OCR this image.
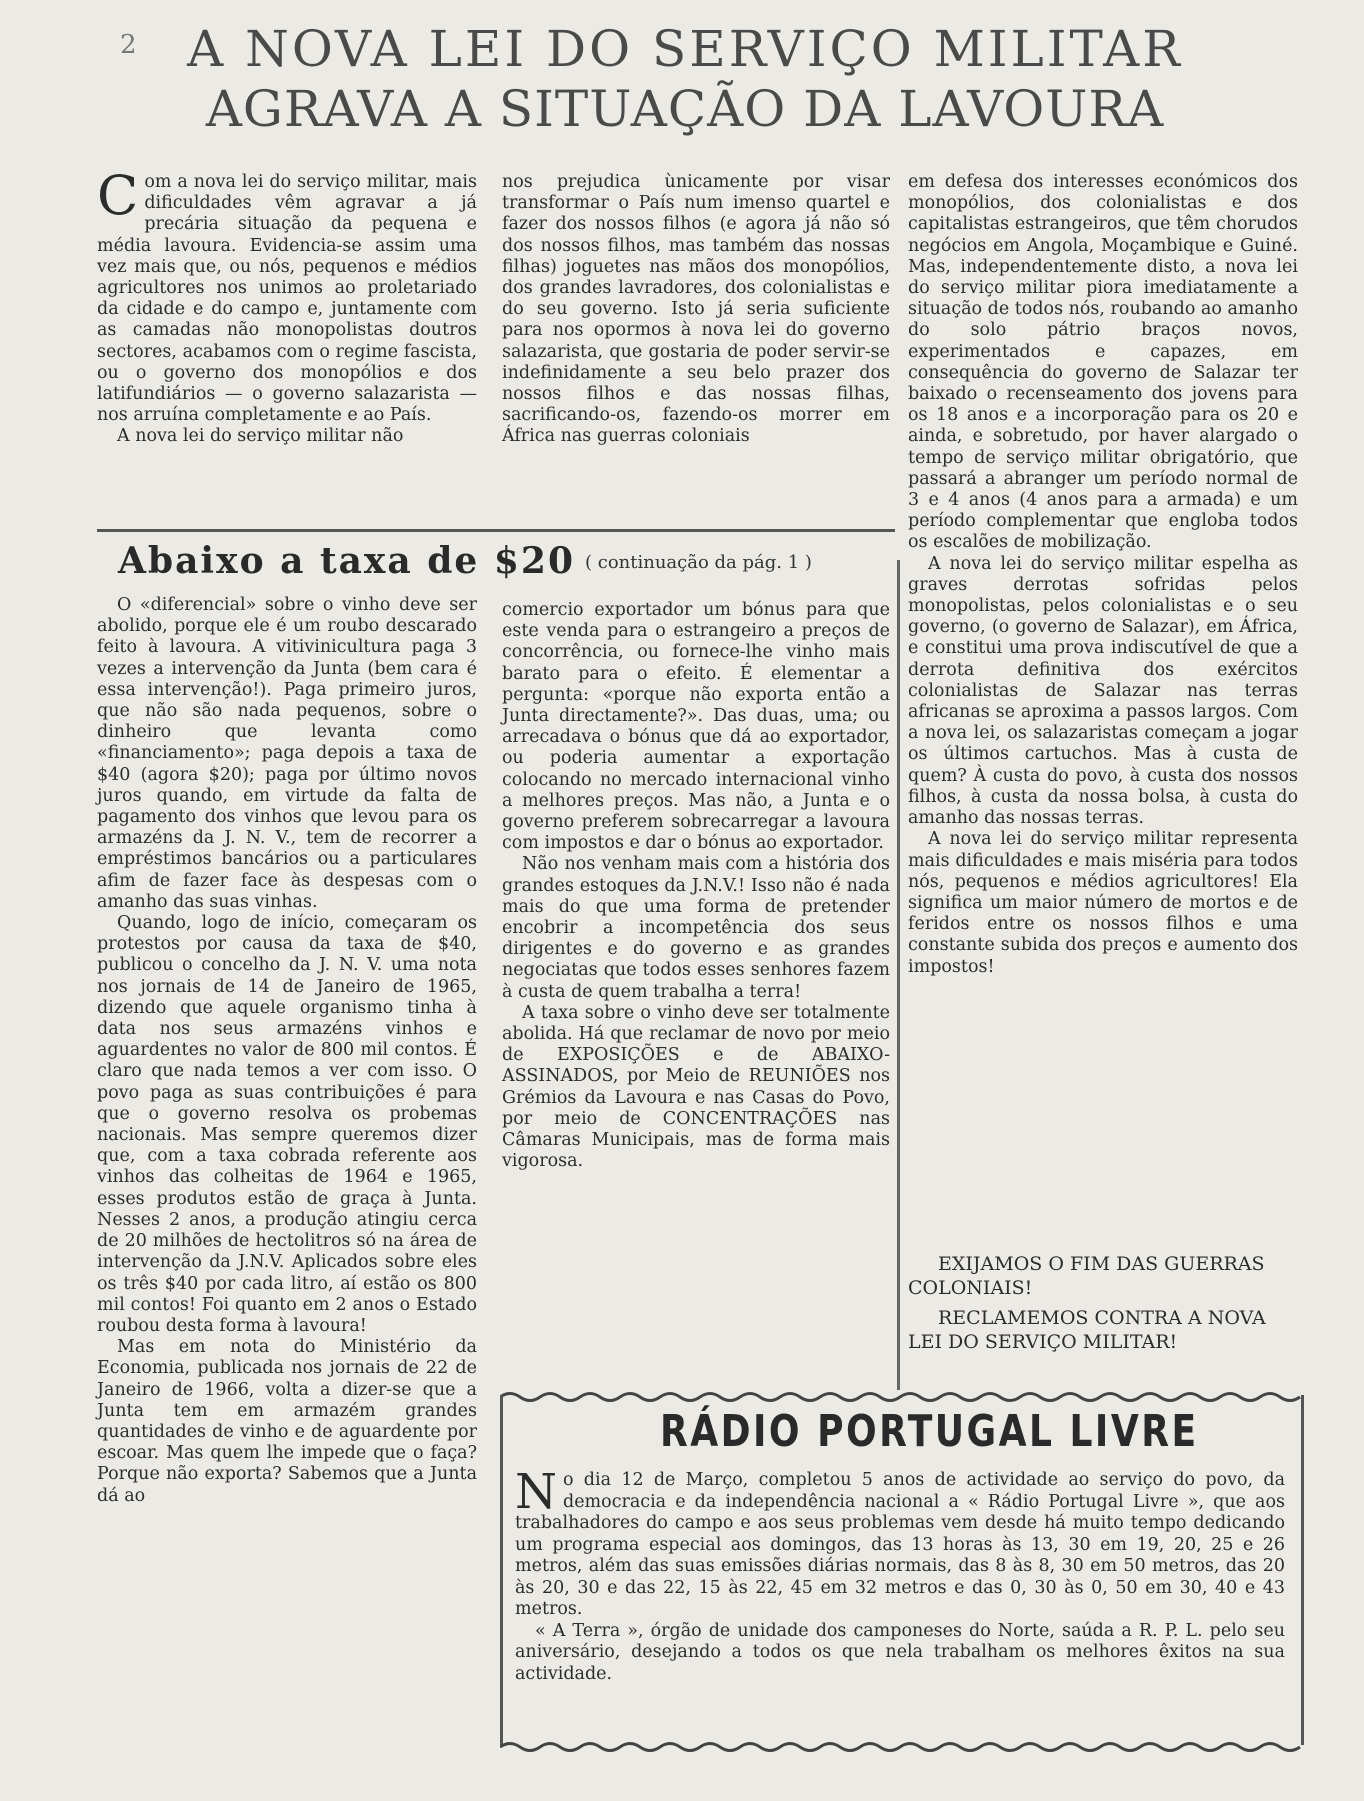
2	A NOVA LEI DO SERVIÇO MILITAR
AGRAVA A SITUAÇÃO DA LAVOURA

Com a nova lei do serviço militar, mais dificuldades vêm agravar a já precária situação da pequena e média lavoura. Evidencia-se assim uma vez mais que, ou nós, pequenos e médios agricultores nos unimos ao proletariado da cidade e do campo e, juntamente com as camadas não monopolistas doutros sectores, acabamos com o regime fascista, ou o governo dos monopólios e dos latifundiários — o governo salazarista — nos arruína completamente e ao País.

A nova lei do serviço militar não

nos prejudica ùnicamente por visar transformar o País num imenso quartel e fazer dos nossos filhos (e agora já não só dos nossos filhos, mas também das nossas filhas) joguetes nas mãos dos monopólios, dos grandes lavradores, dos colonialistas e do seu governo. Isto já seria suficiente para nos opormos à nova lei do governo salazarista, que gostaria de poder servir-se indefinidamente a seu belo prazer dos nossos filhos e das nossas filhas, sacrificando-os, fazendo-os morrer em África nas guerras coloniais

em defesa dos interesses económicos dos monopólios, dos colonialistas e dos capitalistas estrangeiros, que têm chorudos negócios em Angola, Moçambique e Guiné. Mas, independentemente disto, a nova lei do serviço militar piora imediatamente a situação de todos nós, roubando ao amanho do solo pátrio braços novos, experimentados e capazes, em consequência do governo de Salazar ter baixado o recenseamento dos jovens para os 18 anos e a incorporação para os 20 e ainda, e sobretudo, por haver alargado o tempo de serviço militar obrigatório, que passará a abranger um período normal de 3 e 4 anos (4 anos para a armada) e um período complementar que engloba todos os escalões de mobilização.

A nova lei do serviço militar espelha as graves derrotas sofridas pelos monopolistas, pelos colonialistas e o seu governo, (o governo de Salazar), em África, e constitui uma prova indiscutível de que a derrota definitiva dos exércitos colonialistas de Salazar nas terras africanas se aproxima a passos largos. Com a nova lei, os salazaristas começam a jogar os últimos cartuchos. Mas à custa de quem? À custa do povo, à custa dos nossos filhos, à custa da nossa bolsa, à custa do amanho das nossas terras.

A nova lei do serviço militar representa mais dificuldades e mais miséria para todos nós, pequenos e médios agricultores! Ela significa um maior número de mortos e de feridos entre os nossos filhos e uma constante subida dos preços e aumento dos impostos!

Abaixo a taxa de $20 ( continuação da pág. 1 )

O «diferencial» sobre o vinho deve ser abolido, porque ele é um roubo descarado feito à lavoura. A vitivinicultura paga 3 vezes a intervenção da Junta (bem cara é essa intervenção!). Paga primeiro juros, que não são nada pequenos, sobre o dinheiro que levanta como «financiamento»; paga depois a taxa de $40 (agora $20); paga por último novos juros quando, em virtude da falta de pagamento dos vinhos que levou para os armazéns da J. N. V., tem de recorrer a empréstimos bancários ou a particulares afim de fazer face às despesas com o amanho das suas vinhas.

Quando, logo de início, começaram os protestos por causa da taxa de $40, publicou o concelho da J. N. V. uma nota nos jornais de 14 de Janeiro de 1965, dizendo que aquele organismo tinha à data nos seus armazéns vinhos e aguardentes no valor de 800 mil contos. É claro que nada temos a ver com isso. O povo paga as suas contribuições é para que o governo resolva os probemas nacionais. Mas sempre queremos dizer que, com a taxa cobrada referente aos vinhos das colheitas de 1964 e 1965, esses produtos estão de graça à Junta. Nesses 2 anos, a produção atingiu cerca de 20 milhões de hectolitros só na área de intervenção da J.N.V. Aplicados sobre eles os três $40 por cada litro, aí estão os 800 mil contos! Foi quanto em 2 anos o Estado roubou desta forma à lavoura!

Mas em nota do Ministério da Economia, publicada nos jornais de 22 de Janeiro de 1966, volta a dizer-se que a Junta tem em armazém grandes quantidades de vinho e de aguardente por escoar. Mas quem lhe impede que o faça? Porque não exporta? Sabemos que a Junta dá ao

comercio exportador um bónus para que este venda para o estrangeiro a preços de concorrência, ou fornece-lhe vinho mais barato para o efeito. É elementar a pergunta: «porque não exporta então a Junta directamente?». Das duas, uma; ou arrecadava o bónus que dá ao exportador, ou poderia aumentar a exportação colocando no mercado internacional vinho a melhores preços. Mas não, a Junta e o governo preferem sobrecarregar a lavoura com impostos e dar o bónus ao exportador.

Não nos venham mais com a história dos grandes estoques da J.N.V.! Isso não é nada mais do que uma forma de pretender encobrir a incompetência dos seus dirigentes e do governo e as grandes negociatas que todos esses senhores fazem à custa de quem trabalha a terra!

A taxa sobre o vinho deve ser totalmente abolida. Há que reclamar de novo por meio de EXPOSIÇÕES e de ABAIXO-ASSINADOS, por Meio de REUNIÕES nos Grémios da Lavoura e nas Casas do Povo, por meio de CONCENTRAÇÕES nas Câmaras Municipais, mas de forma mais vigorosa.

EXIJAMOS O FIM DAS GUERRAS COLONIAIS!

RECLAMEMOS CONTRA A NOVA LEI DO SERVIÇO MILITAR!

RÁDIO PORTUGAL LIVRE

No dia 12 de Março, completou 5 anos de actividade ao serviço do povo, da democracia e da independência nacional a « Rádio Portugal Livre », que aos trabalhadores do campo e aos seus problemas vem desde há muito tempo dedicando um programa especial aos domingos, das 13 horas às 13, 30 em 19, 20, 25 e 26 metros, além das suas emissões diárias normais, das 8 às 8, 30 em 50 metros, das 20 às 20, 30 e das 22, 15 às 22, 45 em 32 metros e das 0, 30 às 0, 50 em 30, 40 e 43 metros.

« A Terra », órgão de unidade dos camponeses do Norte, saúda a R. P. L. pelo seu aniversário, desejando a todos os que nela trabalham os melhores êxitos na sua actividade.
